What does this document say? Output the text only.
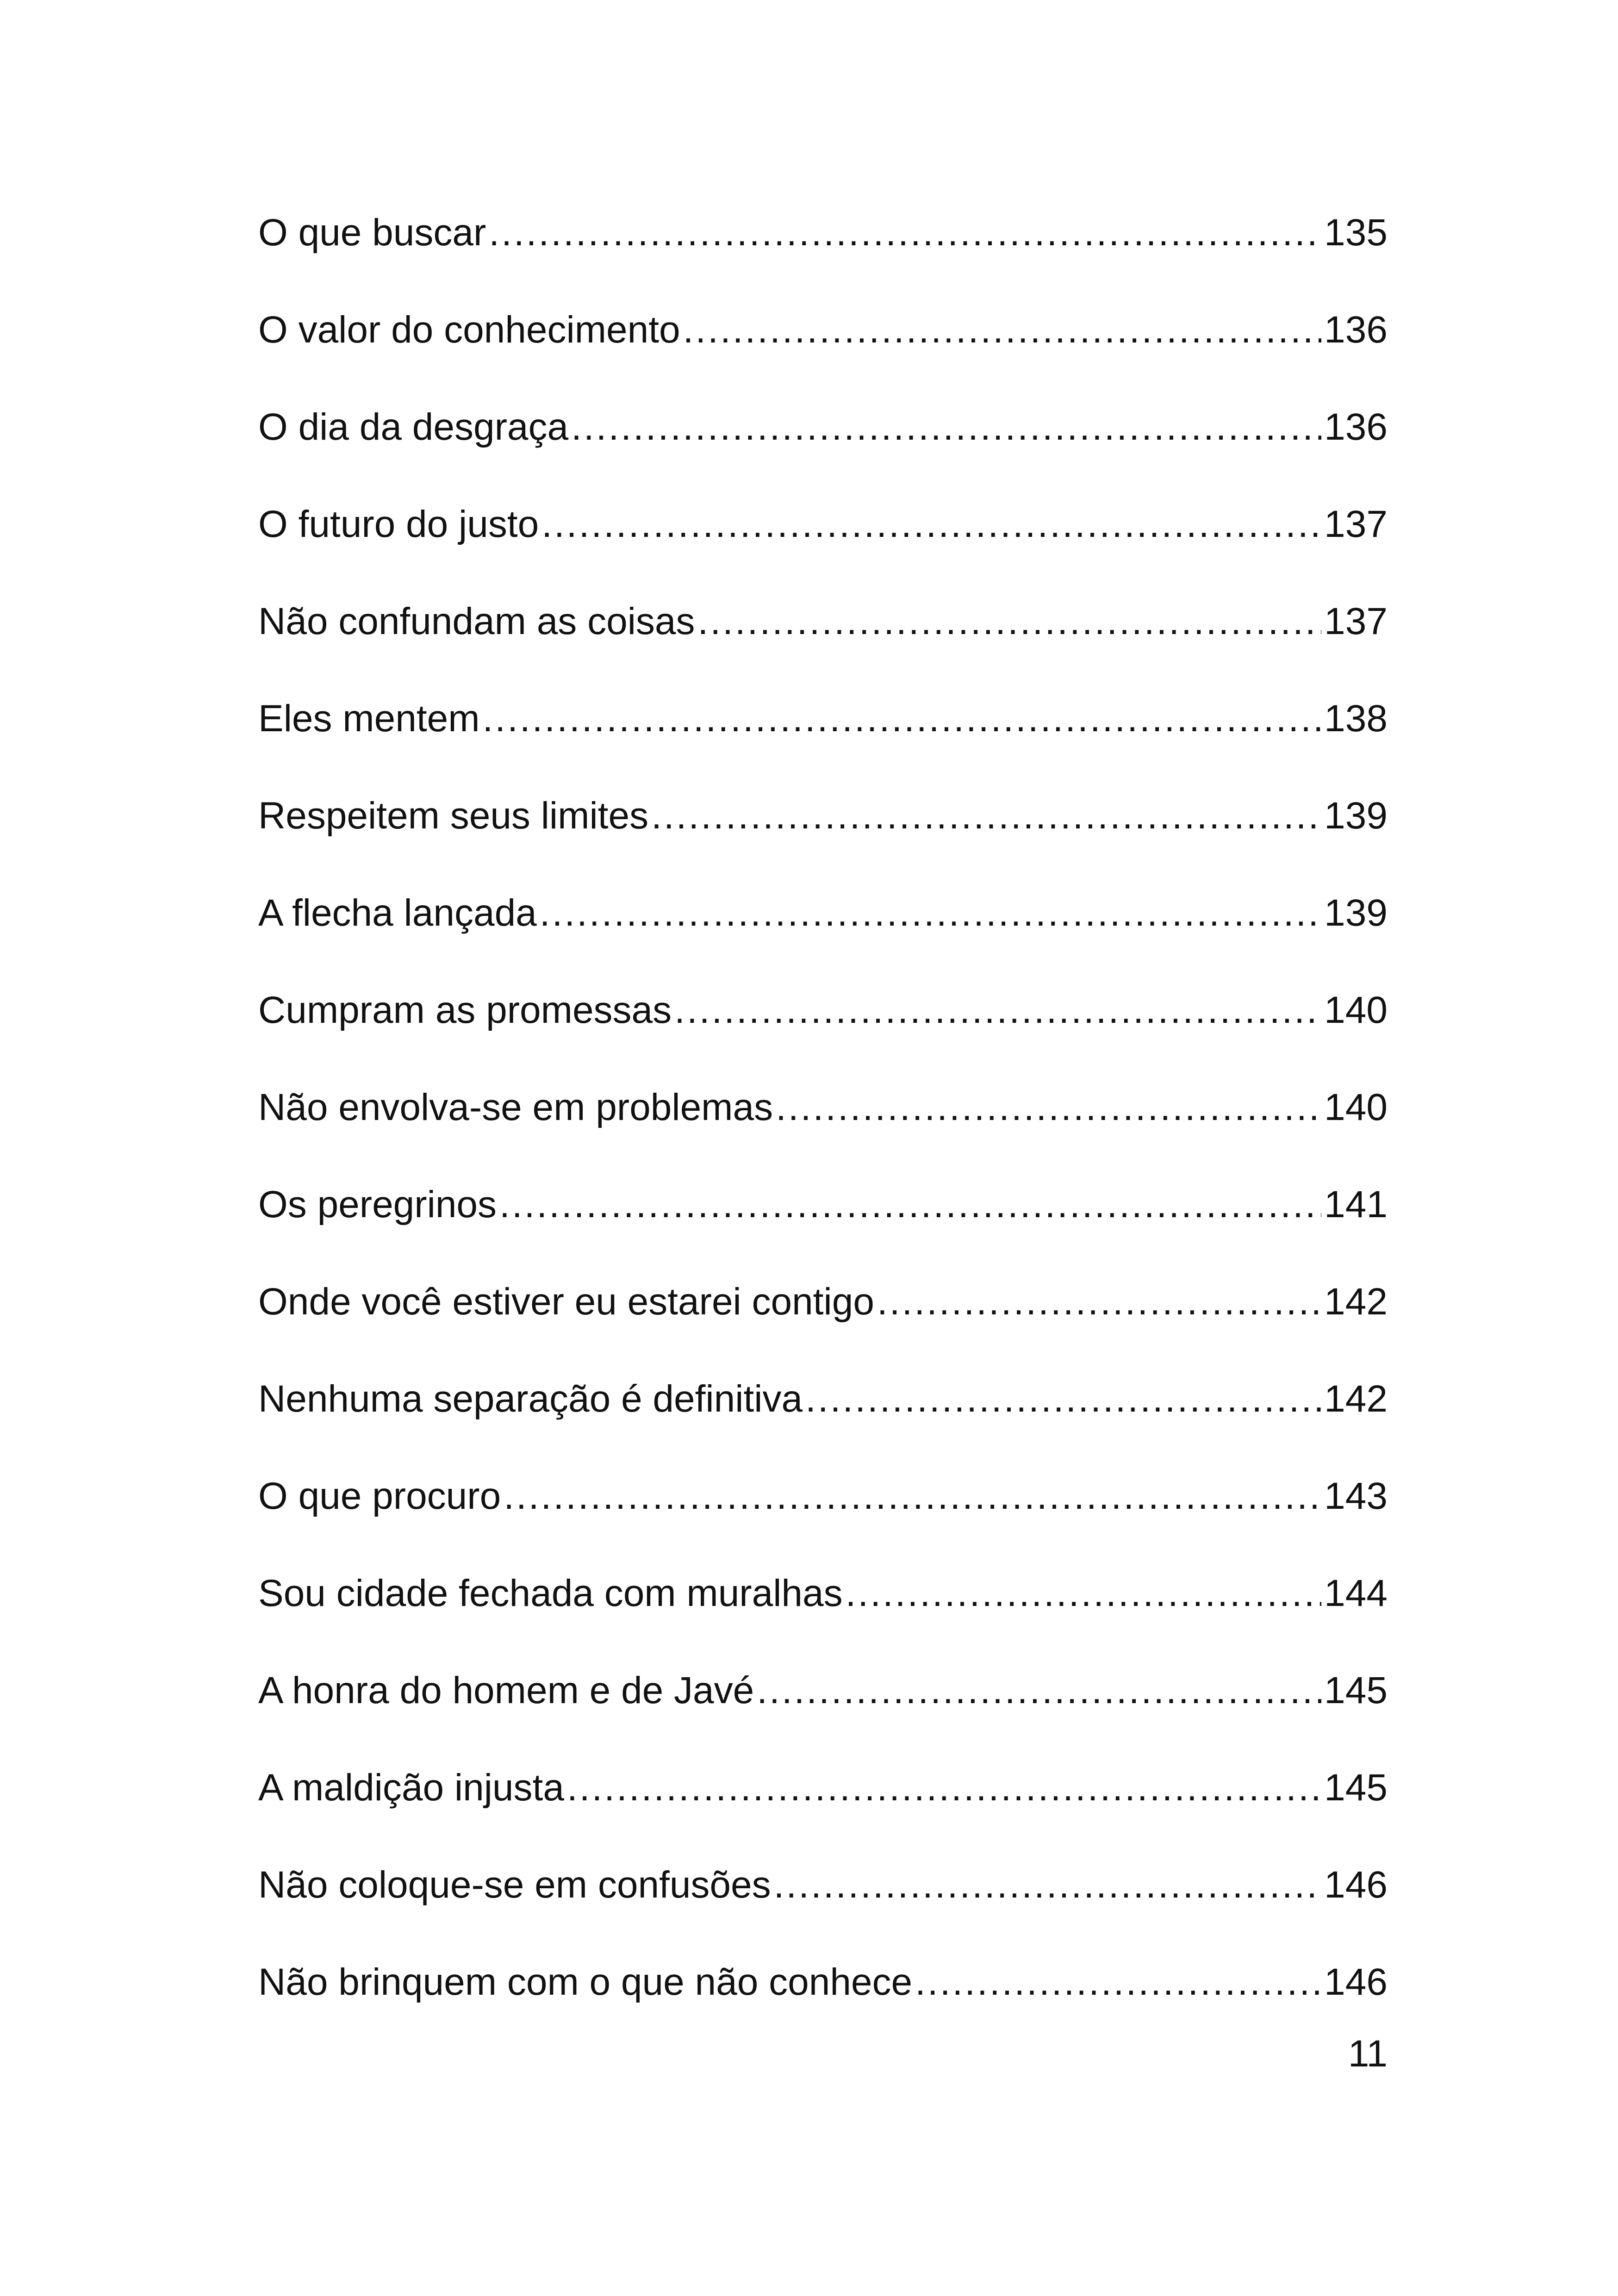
O que buscar .....	135
O valor do conhecimento .....	136
O dia da desgraça .....	136
O futuro do justo .....	137
Não confundam as coisas .....	137
Eles mentem .....	138
Respeitem seus limites .....	139
A flecha lançada .....	139
Cumpram as promessas .....	140
Não envolva-se em problemas .....	140
Os peregrinos .....	141
Onde você estiver eu estarei contigo .....	142
Nenhuma separação é definitiva .....	142
O que procuro .....	143
Sou cidade fechada com muralhas .....	144
A honra do homem e de Javé .....	145
A maldição injusta .....	145
Não coloque-se em confusões .....	146
Não brinquem com o que não conhece .....	146
11
